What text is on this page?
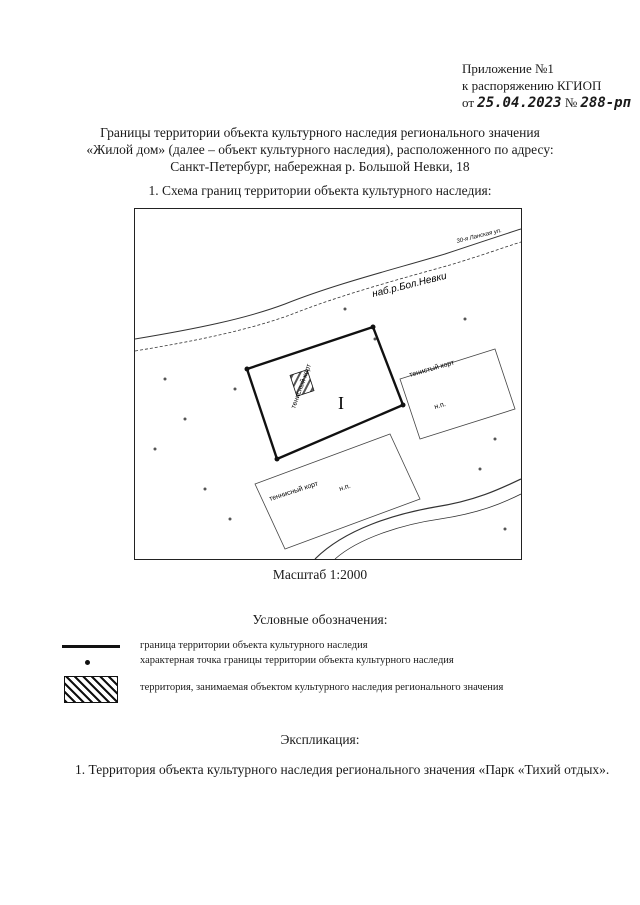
Приложение №1
к распоряжению КГИОП
от 25.04.2023 № 288-рп
Границы территории объекта культурного наследия регионального значения
«Жилой дом» (далее – объект культурного наследия), расположенного по адресу:
Санкт-Петербург, набережная р. Большой Невки, 18
1. Схема границ территории объекта культурного наследия:
I
наб.р.Бол.Невки
тенистый корт
тенисный корт
теннисный корт	н.п.
н.п.
30-я Ланская ул.
Масштаб 1:2000
Условные обозначения:
граница территории объекта культурного наследия
характерная точка границы территории объекта культурного наследия
территория, занимаемая объектом культурного наследия регионального значения
Экспликация:
1. Территория объекта культурного наследия регионального значения «Парк «Тихий отдых».
